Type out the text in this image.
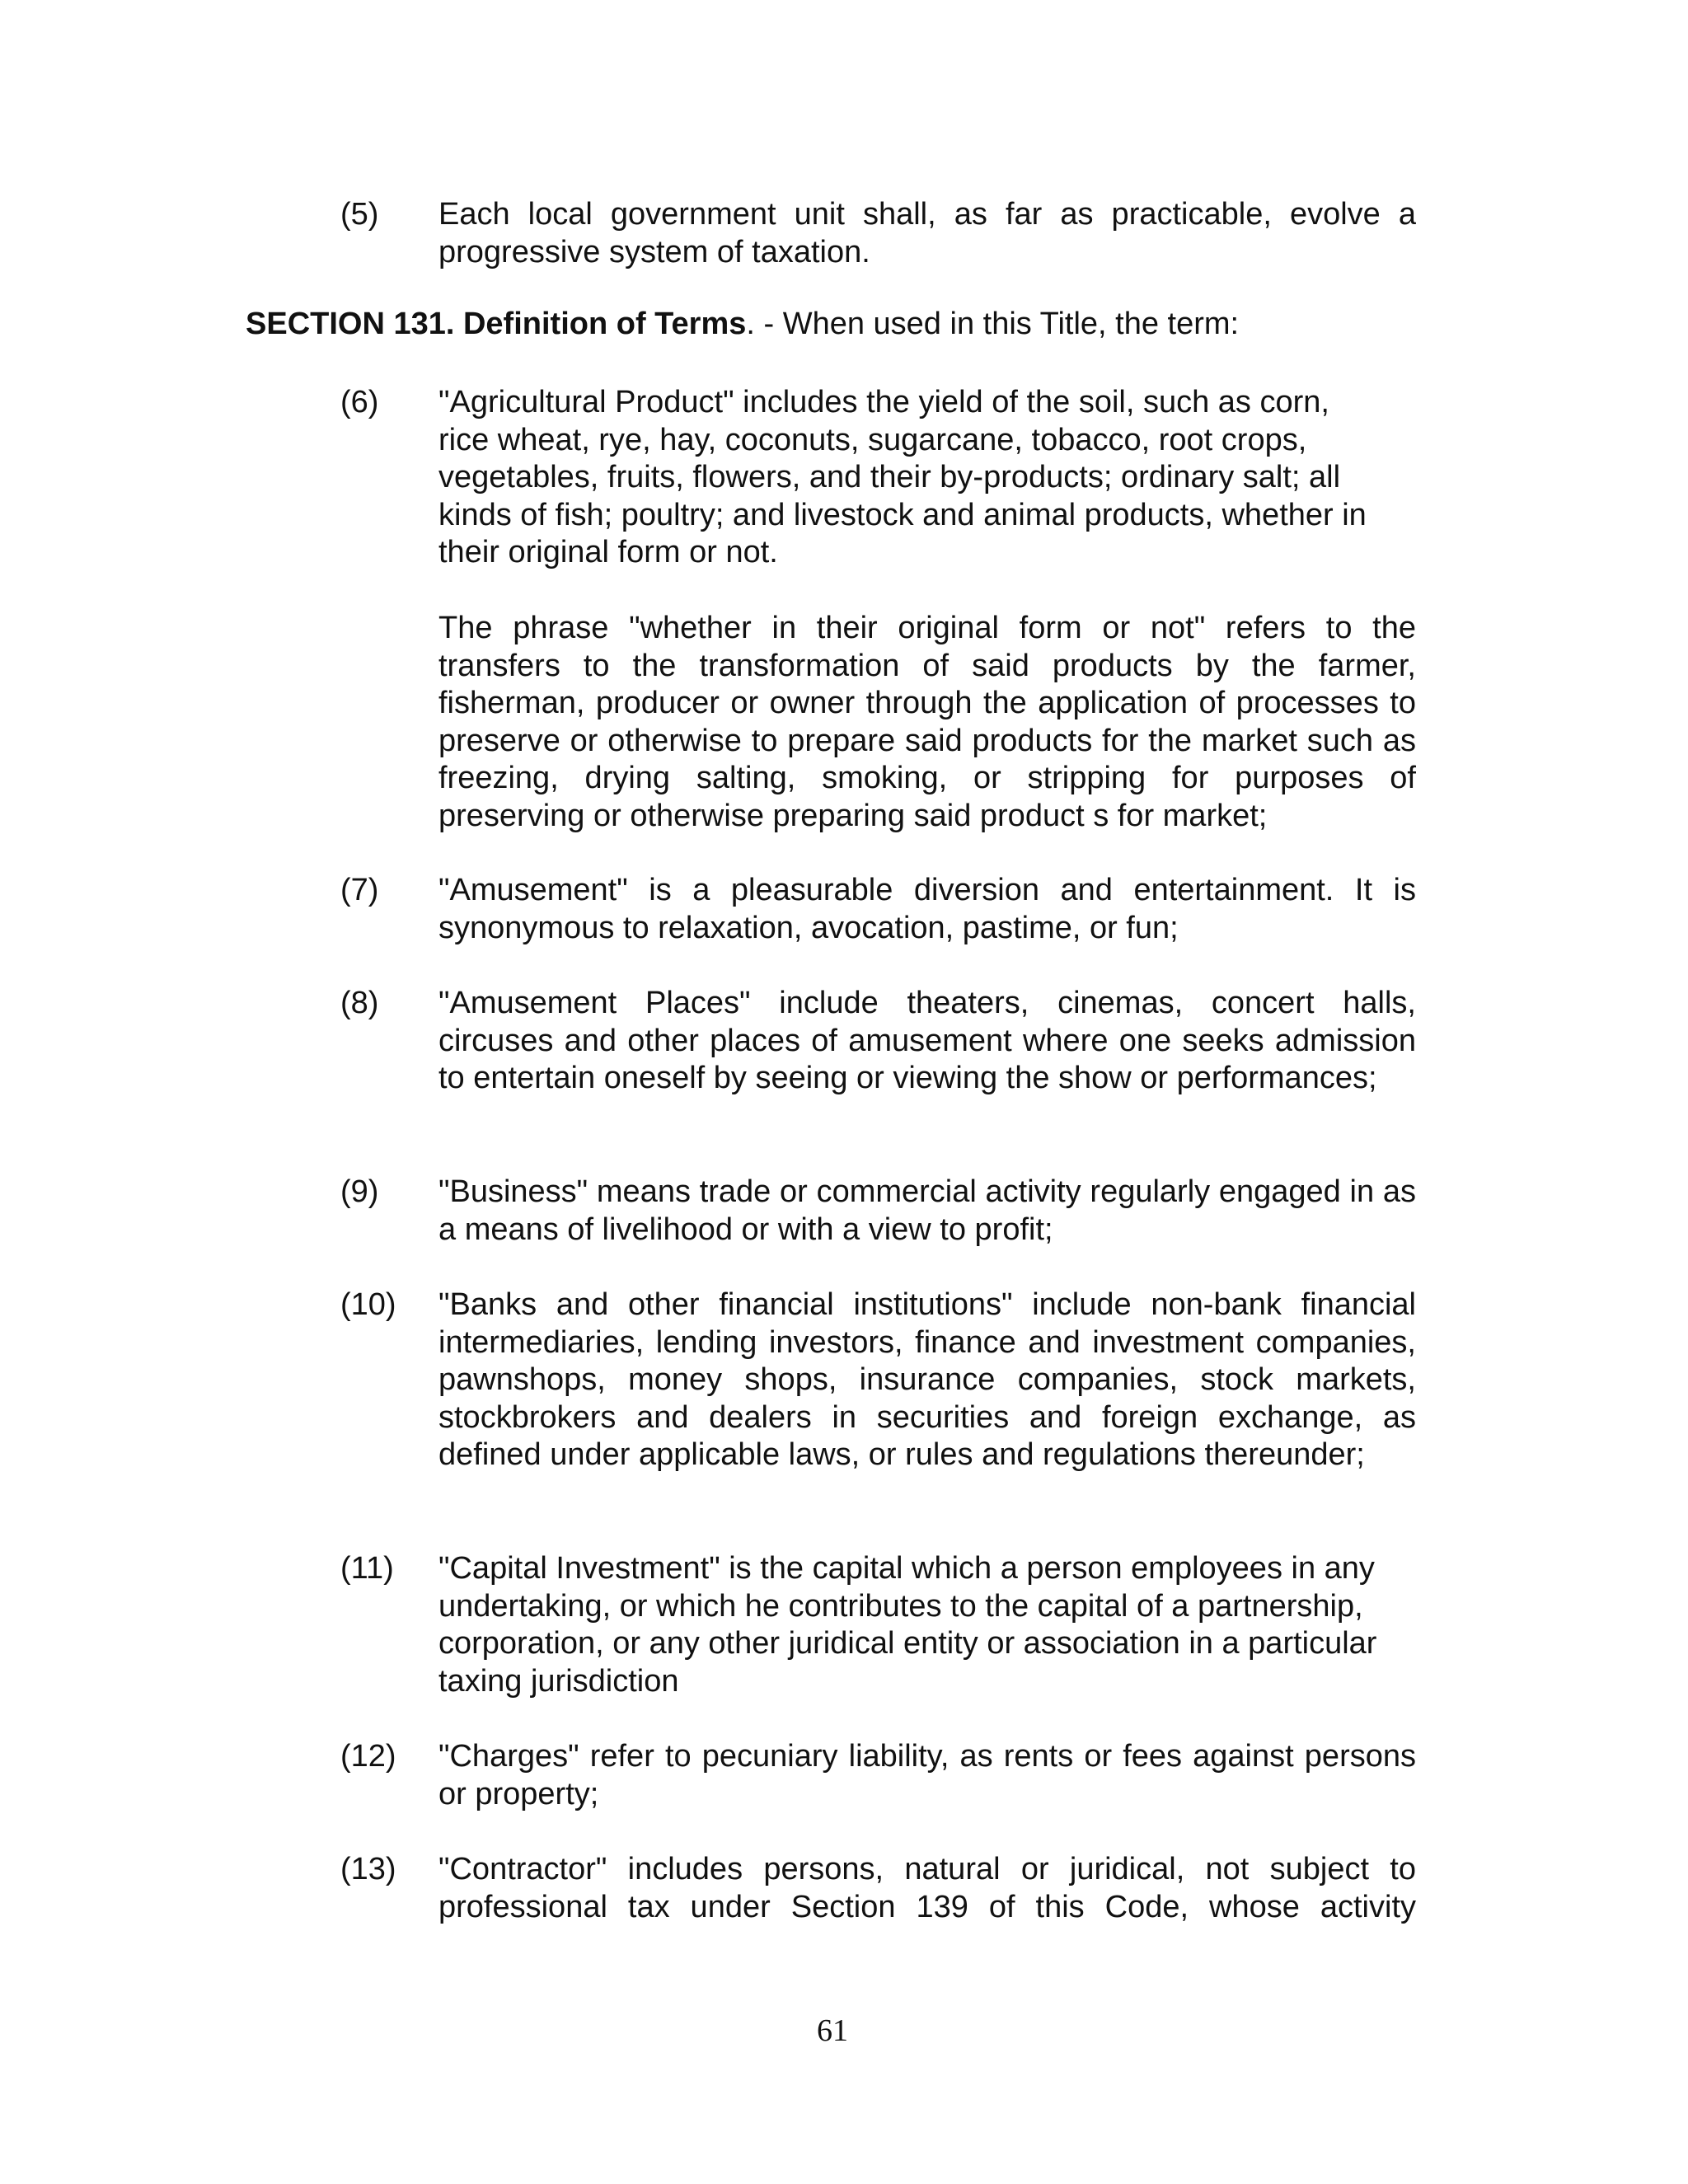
(5) Each local government unit shall, as far as practicable, evolve a progressive system of taxation.
SECTION 131. Definition of Terms. - When used in this Title, the term:
(6) "Agricultural Product" includes the yield of the soil, such as corn,
rice wheat, rye, hay, coconuts, sugarcane, tobacco, root crops,
vegetables, fruits, flowers, and their by-products; ordinary salt; all
kinds of fish; poultry; and livestock and animal products, whether in
their original form or not.
The phrase "whether in their original form or not" refers to the transfers to the transformation of said products by the farmer, fisherman, producer or owner through the application of processes to preserve or otherwise to prepare said products for the market such as freezing, drying salting, smoking, or stripping for purposes of preserving or otherwise preparing said product s for market;
(7) "Amusement" is a pleasurable diversion and entertainment. It is synonymous to relaxation, avocation, pastime, or fun;
(8) "Amusement Places" include theaters, cinemas, concert halls, circuses and other places of amusement where one seeks admission to entertain oneself by seeing or viewing the show or performances;
(9) "Business" means trade or commercial activity regularly engaged in as a means of livelihood or with a view to profit;
(10) "Banks and other financial institutions" include non-bank financial intermediaries, lending investors, finance and investment companies, pawnshops, money shops, insurance companies, stock markets, stockbrokers and dealers in securities and foreign exchange, as defined under applicable laws, or rules and regulations thereunder;
(11) "Capital Investment" is the capital which a person employees in any
undertaking, or which he contributes to the capital of a partnership,
corporation, or any other juridical entity or association in a particular
taxing jurisdiction
(12) "Charges" refer to pecuniary liability, as rents or fees against persons or property;
(13) "Contractor" includes persons, natural or juridical, not subject to professional tax under Section 139 of this Code, whose activity
61
